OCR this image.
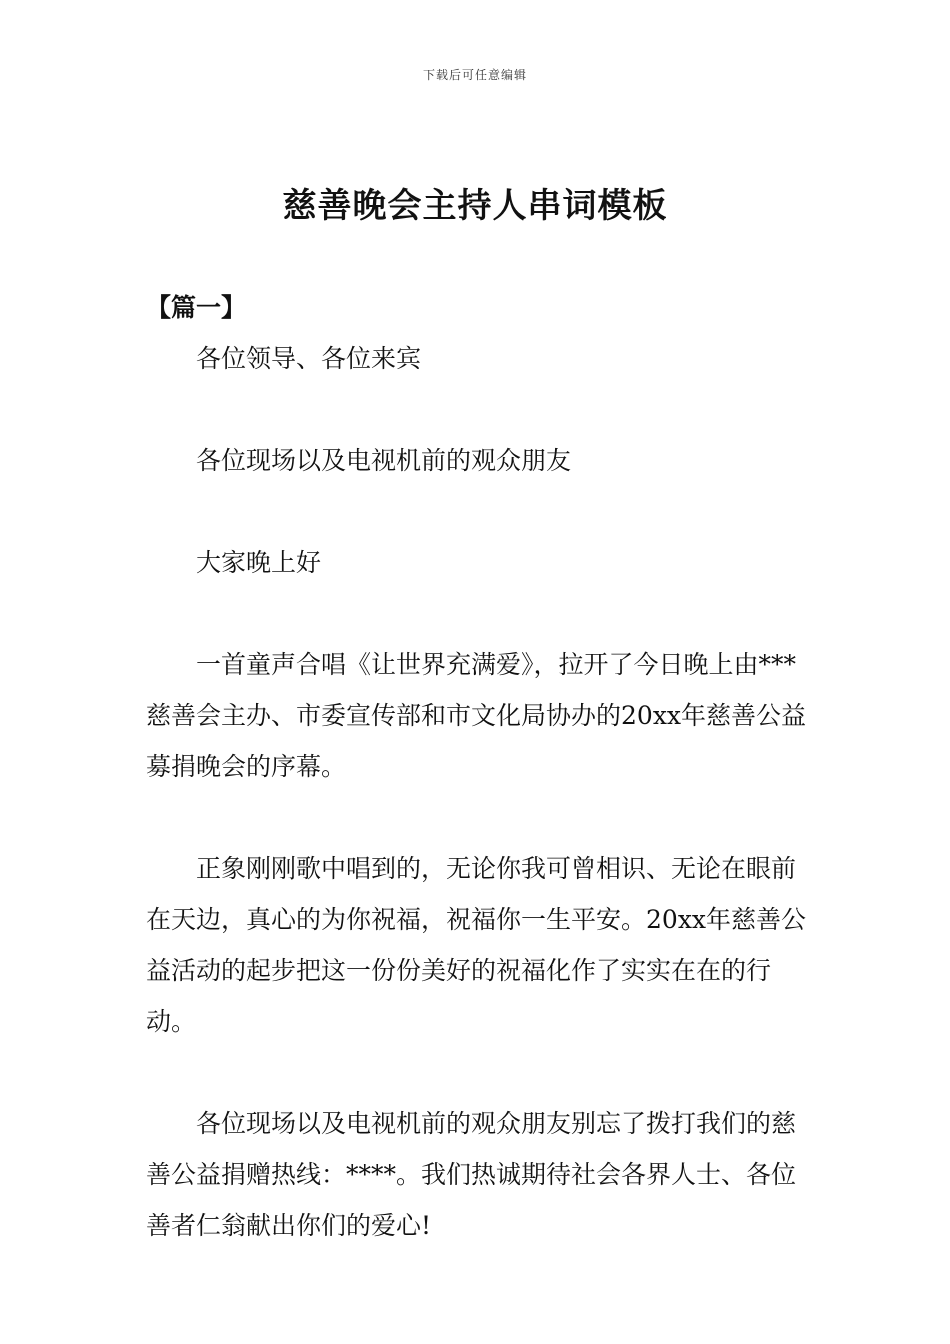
下载后可任意编辑
慈善晚会主持人串词模板

【篇一】

各位领导、各位来宾

各位现场以及电视机前的观众朋友

大家晚上好

一首童声合唱《让世界充满爱》，拉开了今日晚上由***慈善会主办、市委宣传部和市文化局协办的20xx年慈善公益募捐晚会的序幕。

正象刚刚歌中唱到的，无论你我可曾相识、无论在眼前在天边，真心的为你祝福，祝福你一生平安。20xx年慈善公益活动的起步把这一份份美好的祝福化作了实实在在的行动。

各位现场以及电视机前的观众朋友别忘了拨打我们的慈善公益捐赠热线：****。我们热诚期待社会各界人士、各位善者仁翁献出你们的爱心!
